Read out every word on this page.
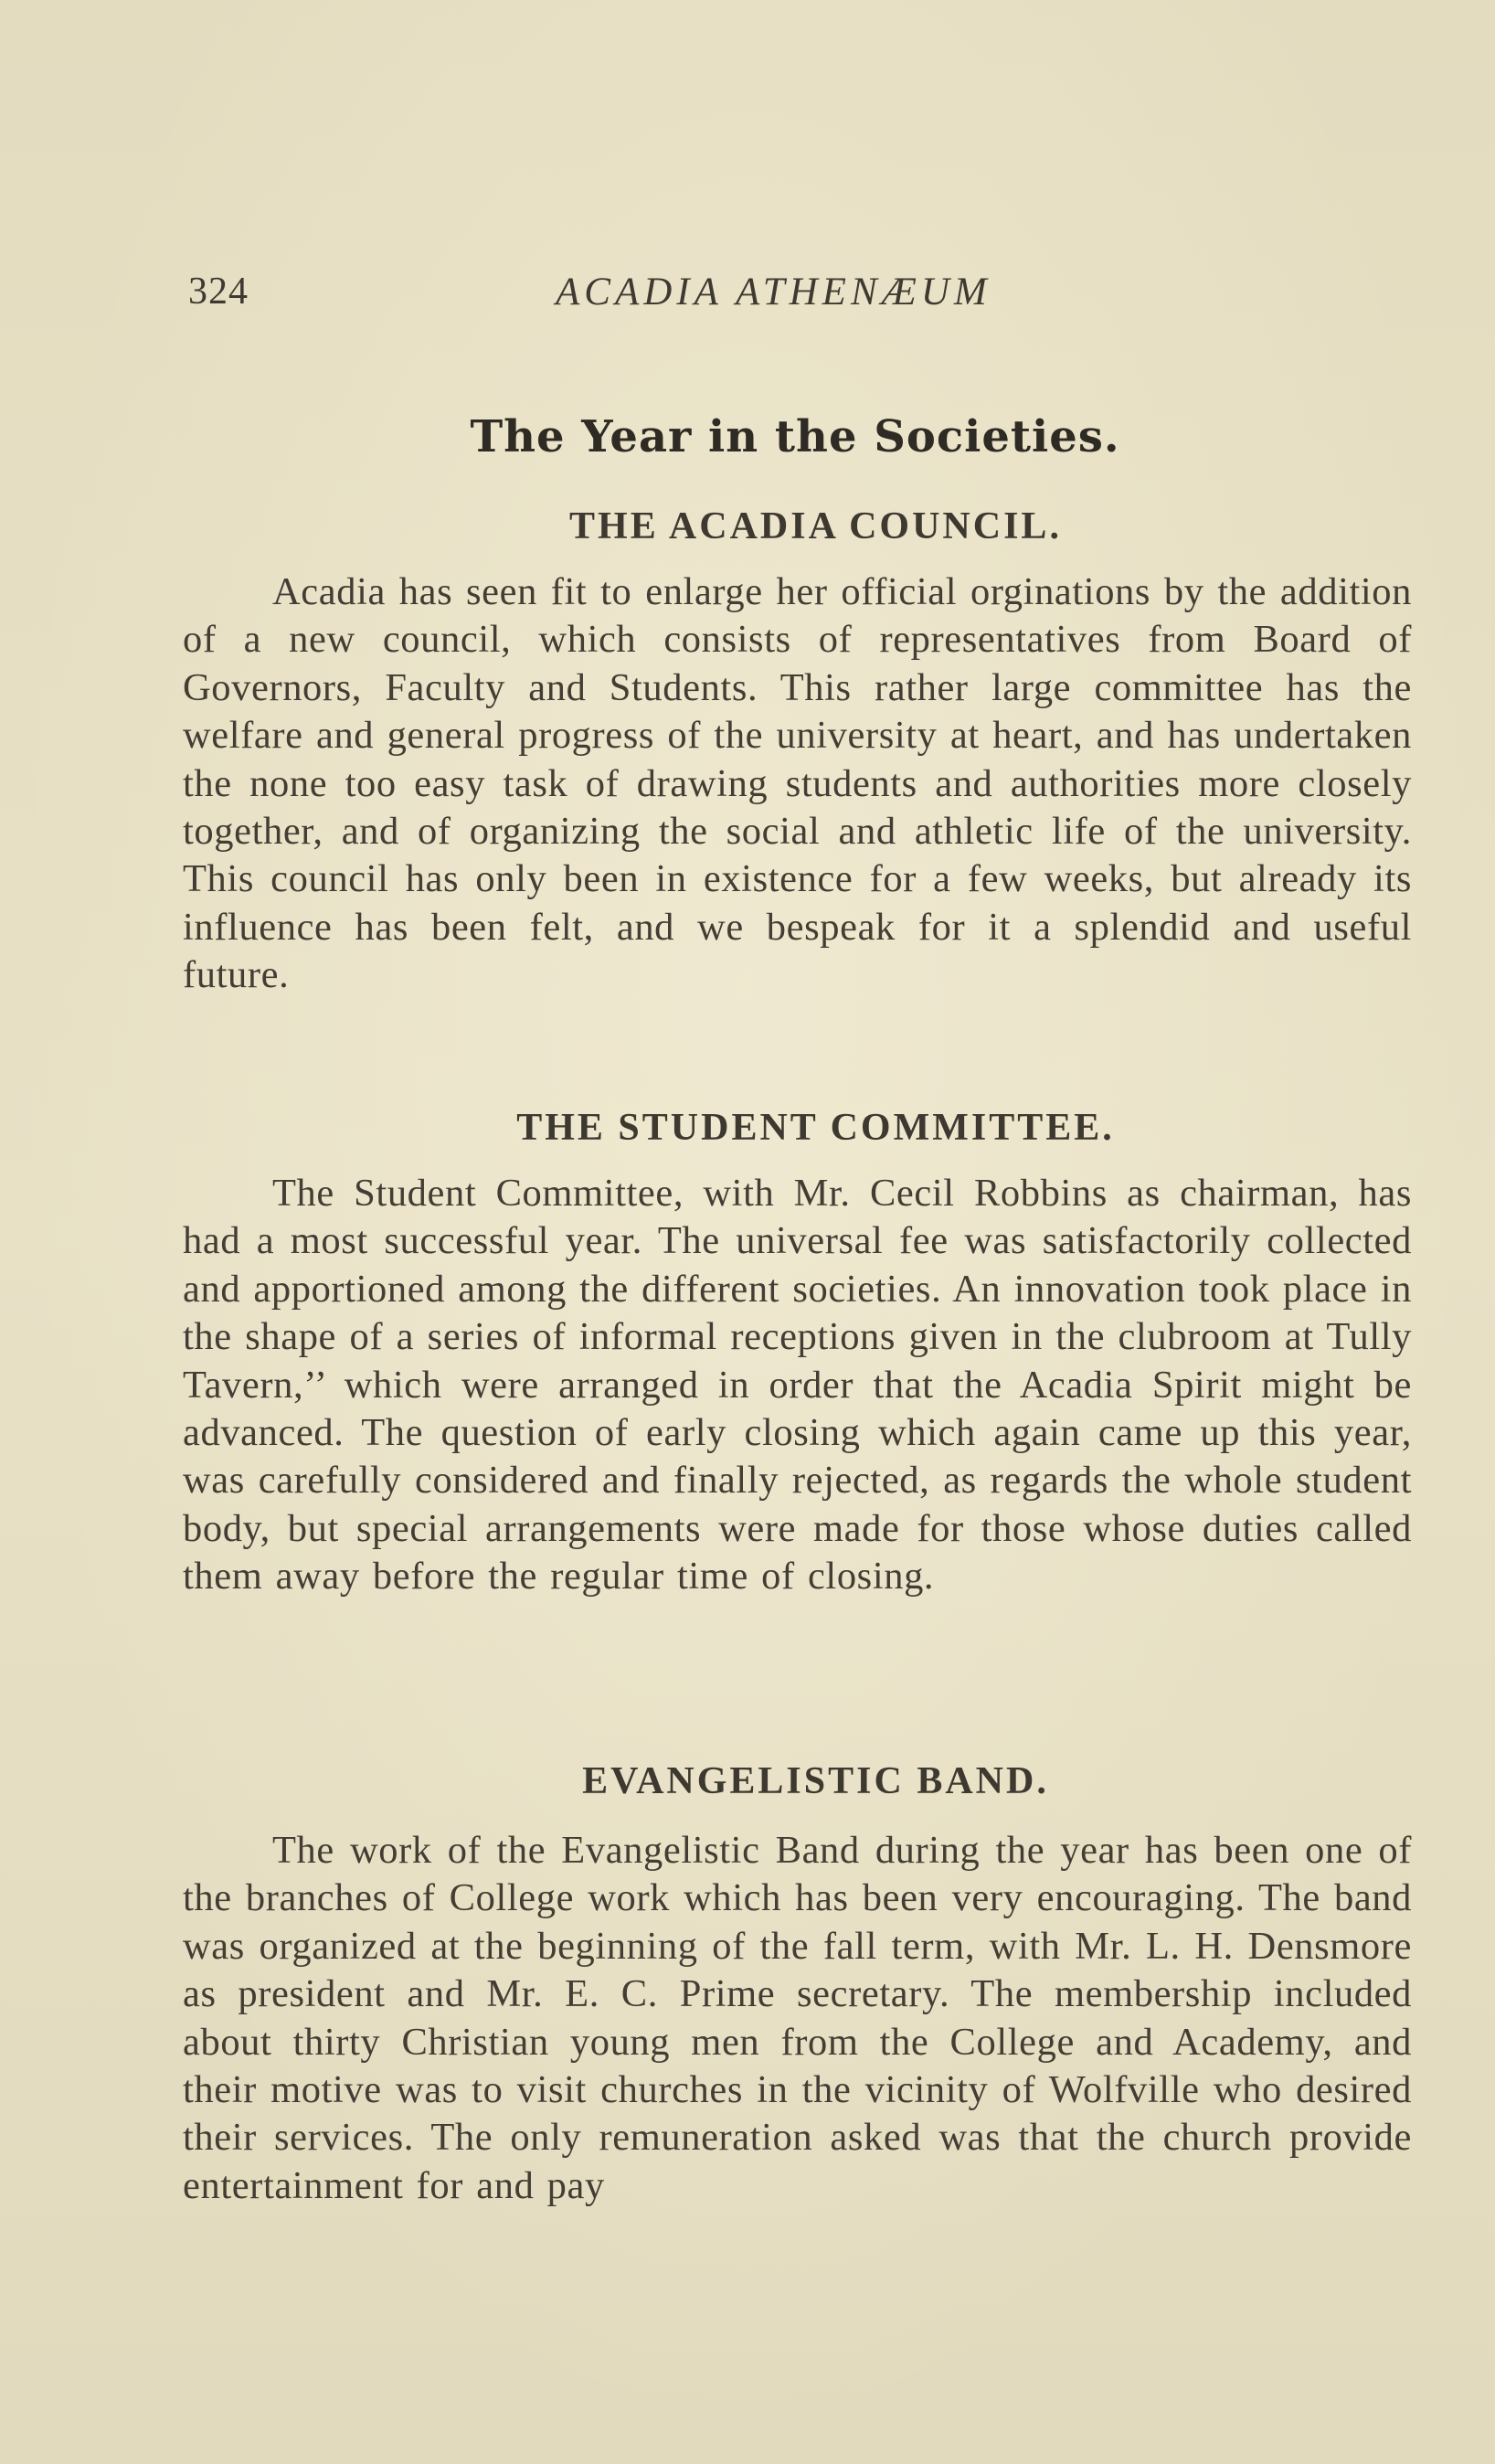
324	ACADIA ATHENÆUM
The Year in the Societies.
THE ACADIA COUNCIL.

Acadia has seen fit to enlarge her official orginations by the addition of a new council, which consists of representatives from Board of Governors, Faculty and Students. This rather large committee has the welfare and general progress of the university at heart, and has undertaken the none too easy task of drawing students and authorities more closely together, and of organizing the social and athletic life of the university. This council has only been in existence for a few weeks, but already its influence has been felt, and we bespeak for it a splendid and useful future.

THE STUDENT COMMITTEE.

The Student Committee, with Mr. Cecil Robbins as chairman, has had a most successful year. The universal fee was satisfactorily collected and apportioned among the different societies. An innovation took place in the shape of a series of informal receptions given in the clubroom at Tully Tavern,’’ which were arranged in order that the Acadia Spirit might be advanced. The question of early closing which again came up this year, was carefully considered and finally rejected, as regards the whole student body, but special arrangements were made for those whose duties called them away before the regular time of closing.

EVANGELISTIC BAND.

The work of the Evangelistic Band during the year has been one of the branches of College work which has been very encouraging. The band was organized at the beginning of the fall term, with Mr. L. H. Densmore as president and Mr. E. C. Prime secretary. The membership included about thirty Christian young men from the College and Academy, and their motive was to visit churches in the vicinity of Wolfville who desired their services. The only remuneration asked was that the church provide entertainment for and pay
